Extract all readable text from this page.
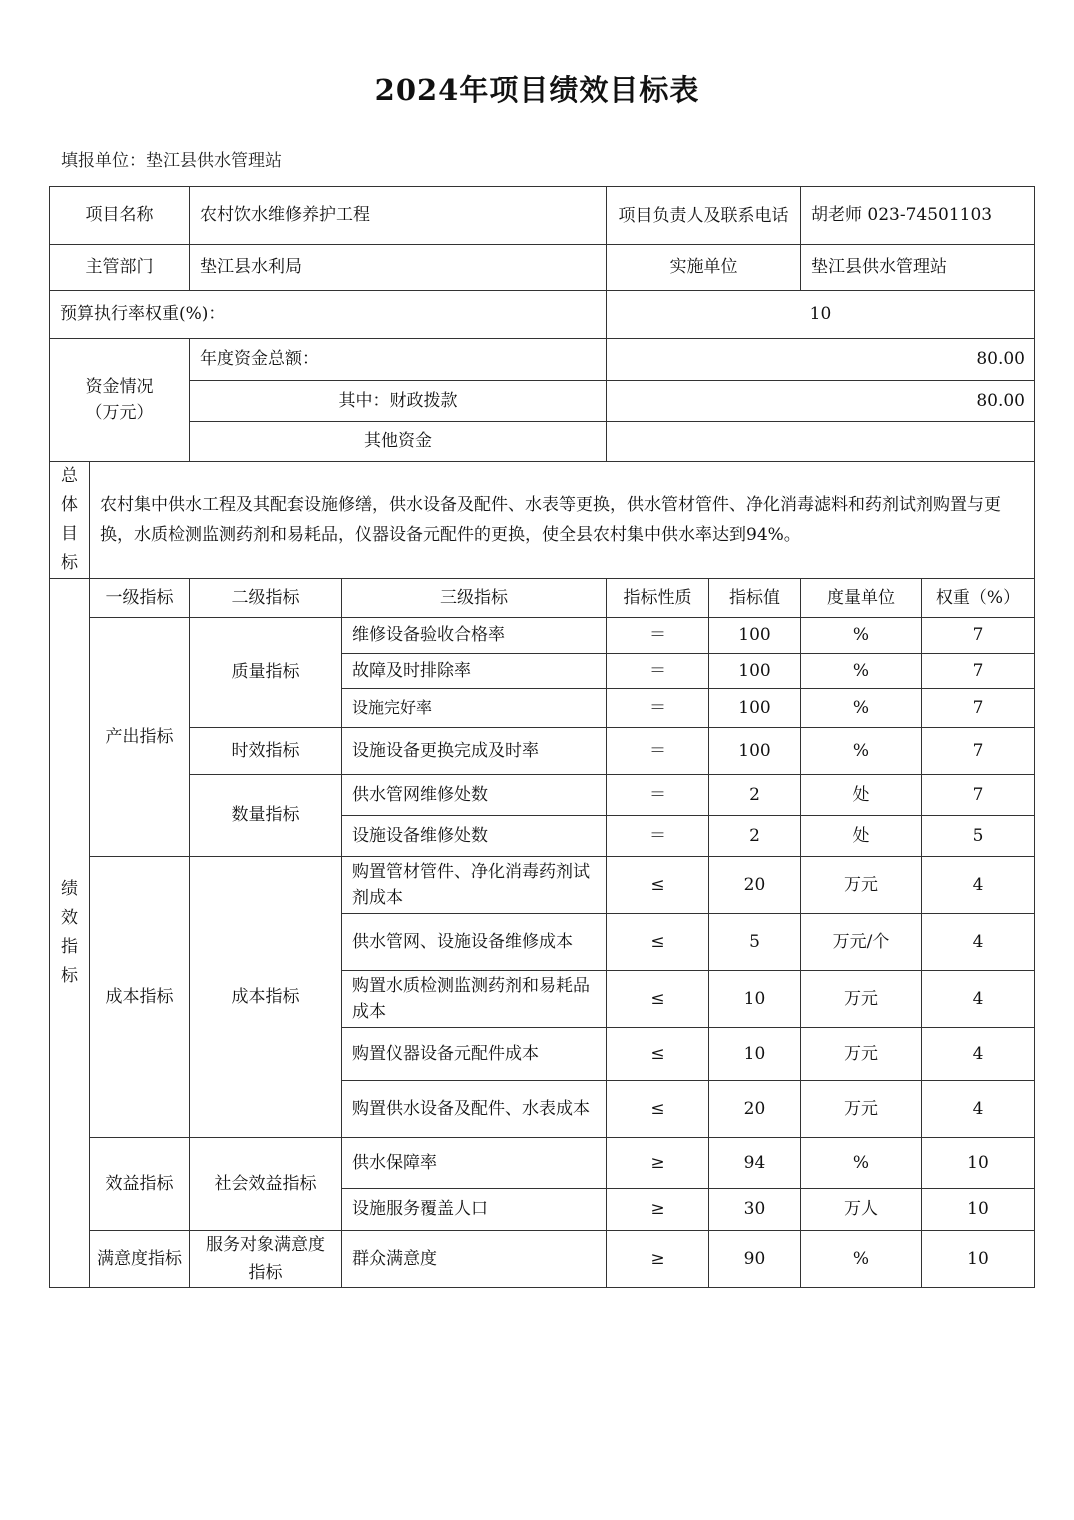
2024年项目绩效目标表
填报单位：垫江县供水管理站
项目名称		农村饮水维修养护工程		项目负责人及联系电话		胡老师 023-74501103	
主管部门		垫江县水利局		实施单位		垫江县供水管理站	
预算执行率权重(%)：				10			
资金情况（万元）		年度资金总额：		80.00			
		其中：财政拨款		80.00			
		其他资金					

总
体
目
标	农村集中供水工程及其配套设施修缮，供水设备及配件、水表等更换，供水管材管件、净化消毒滤料和药剂试剂购置与更换，水质检测监测药剂和易耗品，仪器设备元配件的更换，使全县农村集中供水率达到94%。						

绩
效
指
标	一级指标	二级指标	三级指标	指标性质	指标值	度量单位	权重（%）
	产出指标	质量指标	维修设备验收合格率	＝	100	%	7
			故障及时排除率	＝	100	%	7
			设施完好率	＝	100	%	7
		时效指标	设施设备更换完成及时率	＝	100	%	7
		数量指标	供水管网维修处数	＝	2	处	7
			设施设备维修处数	＝	2	处	5
	成本指标	成本指标	购置管材管件、净化消毒药剂试剂成本	≤	20	万元	4
			供水管网、设施设备维修成本	≤	5	万元/个	4
			购置水质检测监测药剂和易耗品成本	≤	10	万元	4
			购置仪器设备元配件成本	≤	10	万元	4
			购置供水设备及配件、水表成本	≤	20	万元	4
	效益指标	社会效益指标	供水保障率	≥	94	%	10
			设施服务覆盖人口	≥	30	万人	10
	满意度指标	服务对象满意度指标	群众满意度	≥	90	%	10
